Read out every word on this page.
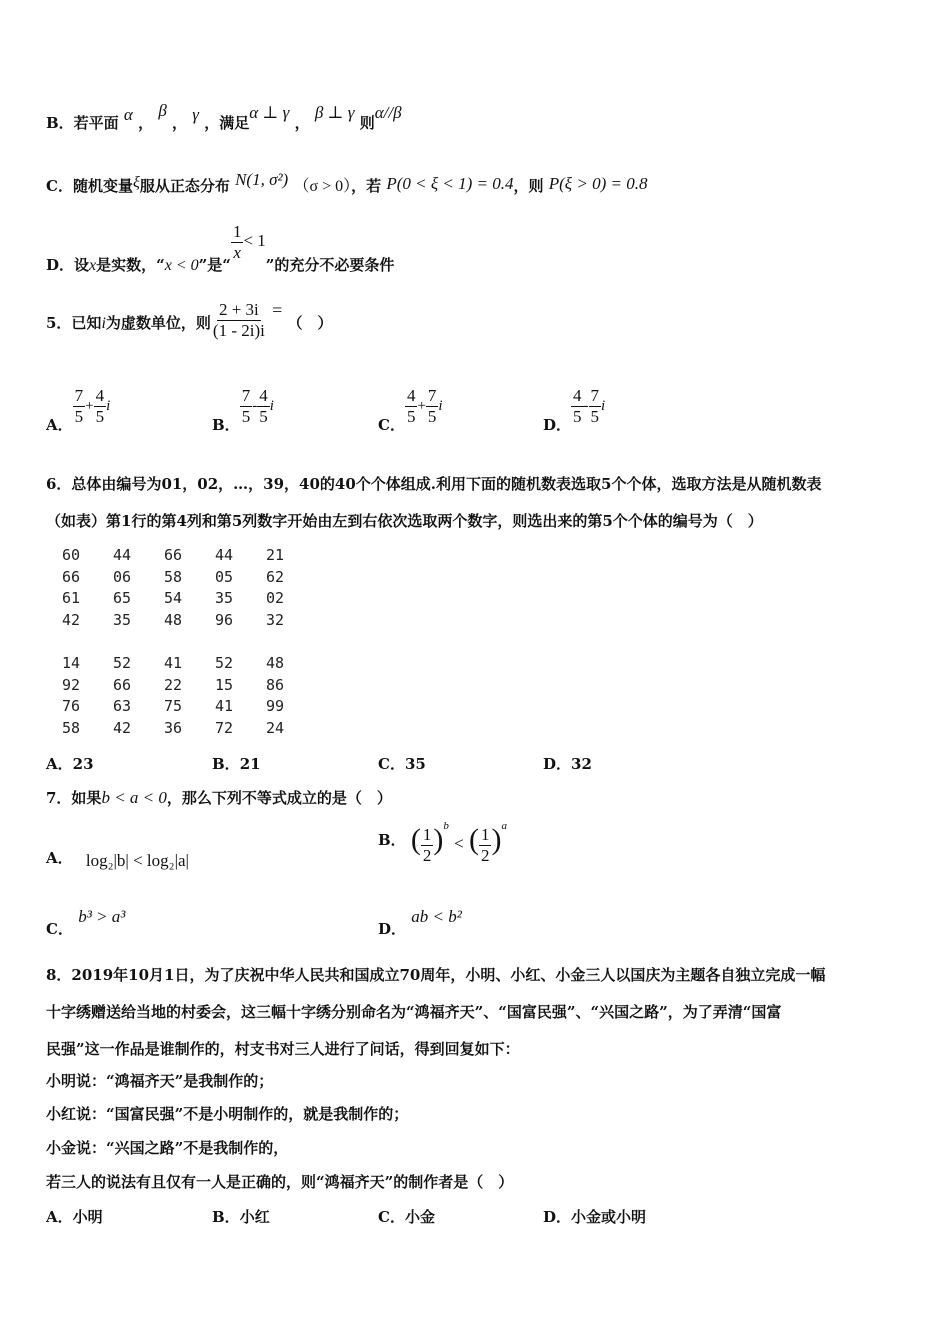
B．若平面 α ， β ， γ ，满足α ⊥ γ ， β ⊥ γ 则α//β
C．随机变量ξ服从正态分布 N(1, σ²) （σ > 0），若 P(0 < ξ < 1) = 0.4，则 P(ξ > 0) = 0.8
D．设x是实数，“x < 0”是“
$\frac{1}{x} < 1$”的充分不必要条件
5．已知i为虚数单位，则 $\frac{2 + 3i}{(1 - 2i)i}$ = （　）
A． $\frac{7}{5} + \frac{4}{5}$ i
B． $\frac{7}{5} - \frac{4}{5}$ i
C． $\frac{4}{5} + \frac{7}{5}$ i
D． $\frac{4}{5} - \frac{7}{5}$ i
6．总体由编号为01，02，…，39，40的40个个体组成.利用下面的随机数表选取5个个体，选取方法是从随机数表
（如表）第1行的第4列和第5列数字开始由左到右依次选取两个数字，则选出来的第5个个体的编号为（　）
60 44 66 44 21
66 06 58 05 62
61 65 54 35 02
42 35 48 96 32
14 52 41 52 48
92 66 22 15 86
76 63 75 41 99
58 42 36 72 24
A．23	B．21	C．35	D．32
7．如果b < a < 0，那么下列不等式成立的是（　）
A． log₂|b| < log₂|a|
B． ( $\frac{1}{2} )^b$ < ( $\frac{1}{2} )^a$
C． b³ > a³
D． ab < b²
8．2019年10月1日，为了庆祝中华人民共和国成立70周年，小明、小红、小金三人以国庆为主题各自独立完成一幅
十字绣赠送给当地的村委会，这三幅十字绣分别命名为“鸿福齐天”、“国富民强”、“兴国之路”，为了弄清“国富
民强”这一作品是谁制作的，村支书对三人进行了问话，得到回复如下：
小明说：“鸿福齐天”是我制作的；
小红说：“国富民强”不是小明制作的，就是我制作的；
小金说：“兴国之路”不是我制作的，
若三人的说法有且仅有一人是正确的，则“鸿福齐天”的制作者是（　）
A．小明	B．小红	C．小金	D．小金或小明
